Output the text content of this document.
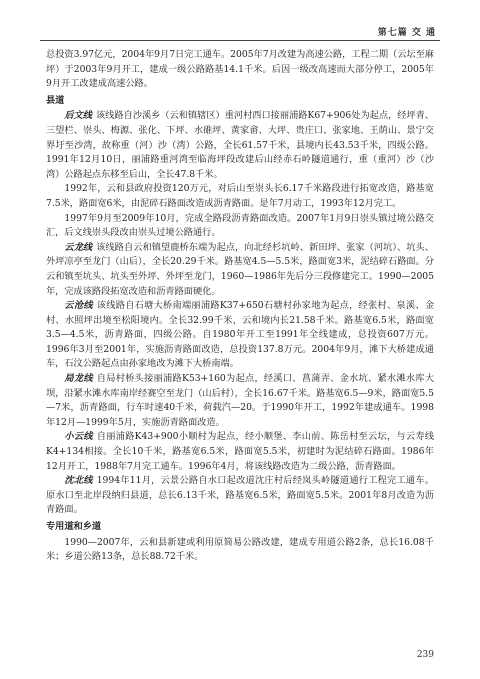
第七篇 交 通

总投资3.97亿元，2004年9月7日完工通车。2005年7月改建为高速公路，工程二期（云坛至麻坪）于2003年9月开工，建成一级公路路基14.1千米。后因一级改高速而大部分停工，2005年9月开工改建成高速公路。

县道

后文线 该线路自沙溪乡（云和镇辖区）重河村西口接丽浦路K67+906处为起点，经坪青、三望栏、崇头、梅源、张化、下坪、水碓坪、黄家畲、大坪、贵庄口、张家地、王荫山、景宁交界圩至沙湾，故称重（河）沙（湾）公路，全长61.57千米，县境内长43.53千米，四级公路。1991年12月10日，丽浦路重河湾至临海坪段改建后山经赤石岭隧道通行，重（重河）沙（沙湾）公路起点东移至后山，全长47.8千米。

1992年，云和县政府投资120万元，对后山至崇头长6.17千米路段进行拓宽改造，路基宽7.5米，路面宽6米，由泥碎石路面改造成沥青路面。是年7月动工，1993年12月完工。

1997年9月至2009年10月，完成全路段沥青路面改造。2007年1月9日崇头镇过境公路交汇，后文线崇头段改由崇头过境公路通行。

云龙线 该线路自云和镇望鹿桥东端为起点，向北经杉坑岭、新田坪、张家（河坑）、坑头、外坪凉亭至龙门（山后），全长20.29千米。路基宽4.5—5.5米，路面宽3米，泥结碎石路面。分云和镇至坑头、坑头至外坪、外坪至龙门，1960—1986年先后分三段修建完工。1990—2005年，完成该路段拓宽改造和沥青路面硬化。

云沧线 该线路自石塘大桥南端丽浦路K37+650石塘村孙家地为起点，经张村、泉溪、金村、水照坪出境至松阳境内。全长32.99千米，云和境内长21.58千米。路基宽6.5米，路面宽3.5—4.5米，沥青路面，四级公路。自1980年开工至1991年全线建成，总投资607万元。1996年3月至2001年，实施沥青路面改造，总投资137.8万元。2004年9月，滩下大桥建成通车，石汶公路起点由孙家地改为滩下大桥南端。

局龙线 自局村桥头接丽浦路K53+160为起点，经溪口、菖蒲弄、金水坑、紧水滩水库大坝，沿紧水滩水库南岸经赛空至龙门（山后村），全长16.67千米。路基宽6.5—9米，路面宽5.5—7米，沥青路面，行车时速40千米，荷载汽—20。于1990年开工，1992年建成通车。1998年12月—1999年5月，实施沥青路面改造。

小云线 自丽浦路K43+900小顺村为起点，经小顺堡、李山前、陈岳村至云坛，与云寿线K4+134相接。全长10千米，路基宽6.5米，路面宽5.5米，初建时为泥结碎石路面。1986年12月开工，1988年7月完工通车。1996年4月，将该线路改造为二级公路，沥青路面。

沈北线 1994年11月，云景公路自水口起改道沈庄村后经岚头岭隧道通行工程完工通车。原水口至北岸段纳归县道，总长6.13千米，路基宽6.5米，路面宽5.5米。2001年8月改造为沥青路面。

专用道和乡道

1990—2007年，云和县新建或利用原简易公路改建，建成专用道公路2条，总长16.08千米；乡道公路13条，总长88.72千米。

239
